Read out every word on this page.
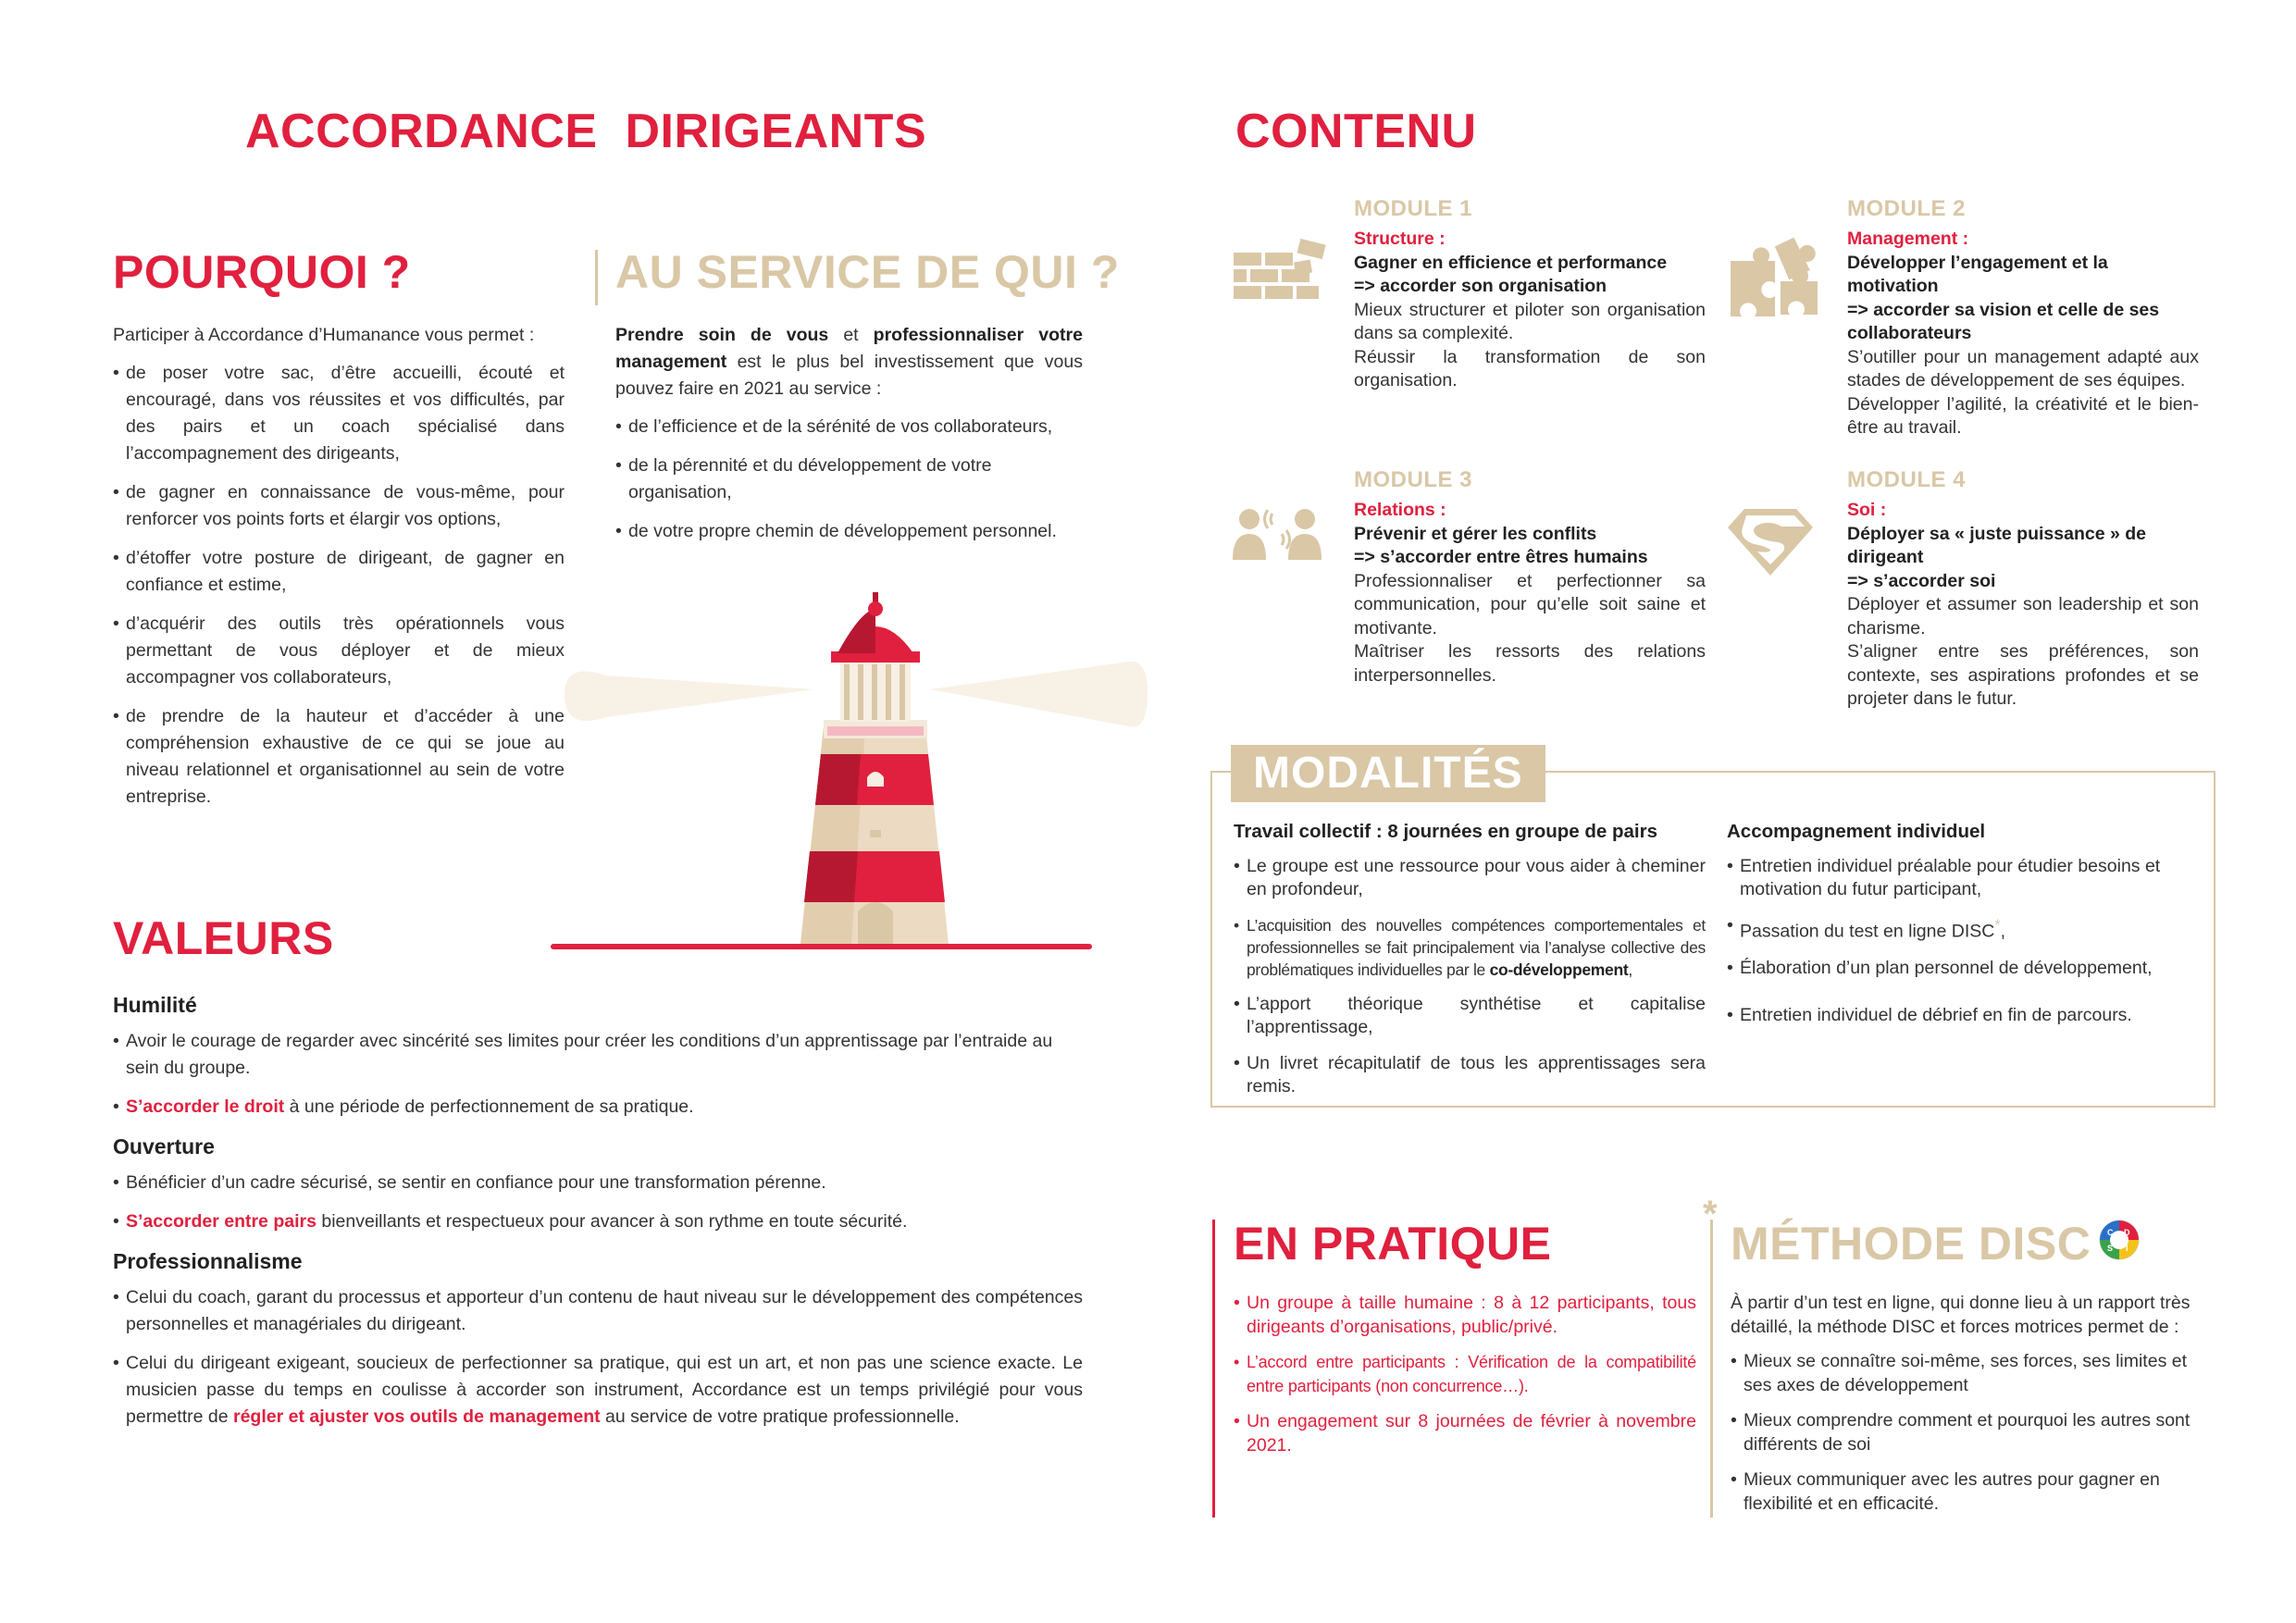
ACCORDANCE  DIRIGEANTS
POURQUOI ?
Participer à Accordance d’Humanance vous permet :
• de poser votre sac, d’être accueilli, écouté et encouragé, dans vos réussites et vos difficultés, par des pairs et un coach spécialisé dans l’accompagnement des dirigeants,
• de gagner en connaissance de vous-même, pour renforcer vos points forts et élargir vos options,
• d’étoffer votre posture de dirigeant, de gagner en confiance et estime,
• d’acquérir des outils très opérationnels vous permettant de vous déployer et de mieux accompagner vos collaborateurs,
• de prendre de la hauteur et d’accéder à une compréhension exhaustive de ce qui se joue au niveau relationnel et organisationnel au sein de votre entreprise.
AU SERVICE DE QUI ?

Prendre soin de vous et professionnaliser votre management est le plus bel investissement que vous pouvez faire en 2021 au service :

• de l’efficience et de la sérénité de vos collaborateurs,
• de la pérennité et du développement de votre organisation,
• de votre propre chemin de développement personnel.
VALEURS
Humilité
• Avoir le courage de regarder avec sincérité ses limites pour créer les conditions d’un apprentissage par l’entraide au sein du groupe.
• S’accorder le droit à une période de perfectionnement de sa pratique.
Ouverture
• Bénéficier d’un cadre sécurisé, se sentir en confiance pour une transformation pérenne.
• S’accorder entre pairs bienveillants et respectueux pour avancer à son rythme en toute sécurité.
Professionnalisme
• Celui du coach, garant du processus et apporteur d’un contenu de haut niveau sur le développement des compétences personnelles et managériales du dirigeant.
• Celui du dirigeant exigeant, soucieux de perfectionner sa pratique, qui est un art, et non pas une science exacte. Le musicien passe du temps en coulisse à accorder son instrument, Accordance est un temps privilégié pour vous permettre de régler et ajuster vos outils de management au service de votre pratique professionnelle.
CONTENU
MODULE 1
Structure :
Gagner en efficience et performance
=> accorder son organisation
Mieux structurer et piloter son organisation dans sa complexité.
Réussir la transformation de son organisation.
MODULE 2
Management :
Développer l’engagement et la motivation
=> accorder sa vision et celle de ses collaborateurs
S’outiller pour un management adapté aux stades de développement de ses équipes.
Développer l’agilité, la créativité et le bien-être au travail.
MODULE 3
Relations :
Prévenir et gérer les conflits
=> s’accorder entre êtres humains
Professionnaliser et perfectionner sa communication, pour qu’elle soit saine et motivante.
Maîtriser les ressorts des relations interpersonnelles.
MODULE 4
Soi :
Déployer sa « juste puissance » de dirigeant
=> s’accorder soi
Déployer et assumer son leadership et son charisme.
S’aligner entre ses préférences, son contexte, ses aspirations profondes et se projeter dans le futur.
MODALITÉS
Travail collectif : 8 journées en groupe de pairs
• Le groupe est une ressource pour vous aider à cheminer en profondeur,
• L’acquisition des nouvelles compétences comportementales et professionnelles se fait principalement via l’analyse collective des problématiques individuelles par le co-développement,
• L’apport théorique synthétise et capitalise l’apprentissage,
• Un livret récapitulatif de tous les apprentissages sera remis.
Accompagnement individuel
• Entretien individuel préalable pour étudier besoins et motivation du futur participant,
• Passation du test en ligne DISC*,
• Élaboration d’un plan personnel de développement,
• Entretien individuel de débrief en fin de parcours.
EN PRATIQUE
• Un groupe à taille humaine : 8 à 12 participants, tous dirigeants d’organisations, public/privé.
• L’accord entre participants : Vérification de la compatibilité entre participants (non concurrence…).
• Un engagement sur 8 journées de février à novembre 2021.
*
MÉTHODE DISC C D
S I

À partir d’un test en ligne, qui donne lieu à un rapport très détaillé, la méthode DISC et forces motrices permet de :

• Mieux se connaître soi-même, ses forces, ses limites et ses axes de développement
• Mieux comprendre comment et pourquoi les autres sont différents de soi
• Mieux communiquer avec les autres pour gagner en flexibilité et en efficacité.
